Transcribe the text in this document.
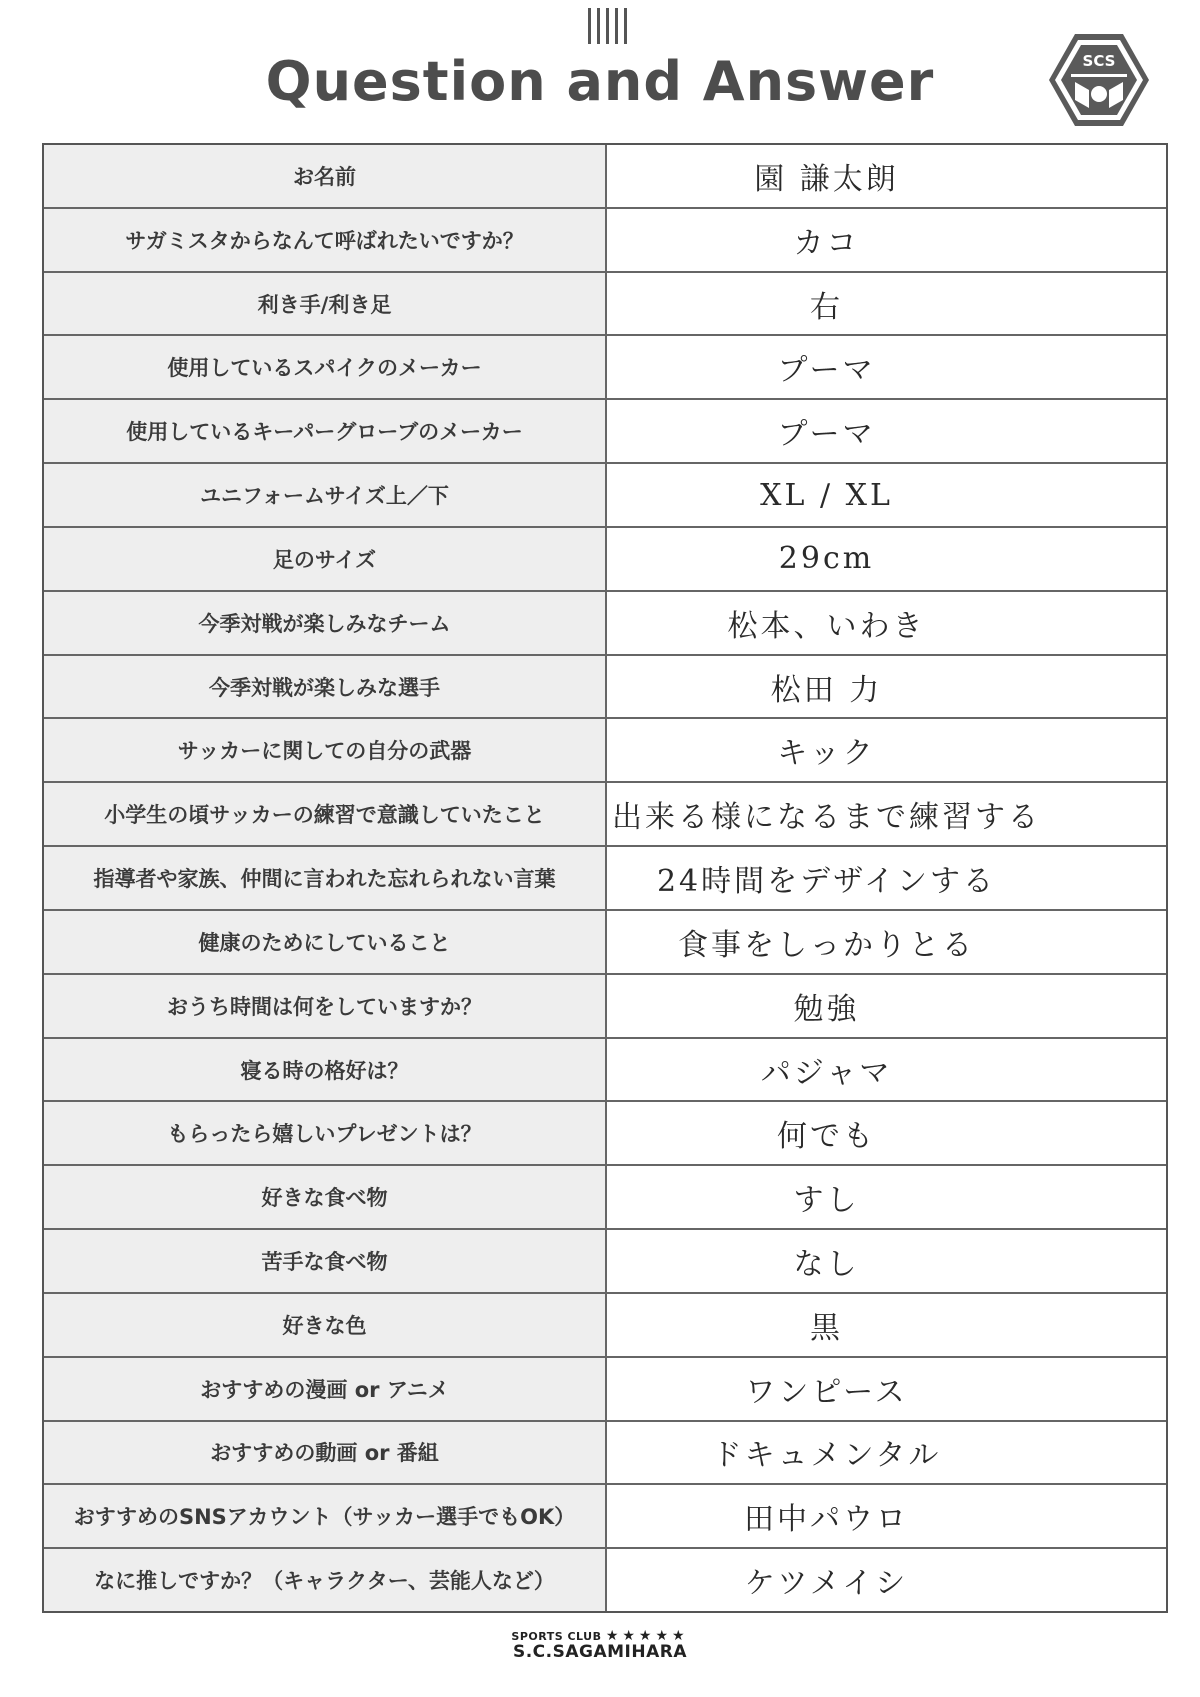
Question and Answer	SCS
お名前	園 謙太朗
サガミスタからなんて呼ばれたいですか？	カコ
利き手/利き足	右
使用しているスパイクのメーカー	プーマ
使用しているキーパーグローブのメーカー	プーマ
ユニフォームサイズ上／下	XL / XL
足のサイズ	29cm
今季対戦が楽しみなチーム	松本、いわき
今季対戦が楽しみな選手	松田 力
サッカーに関しての自分の武器	キック
小学生の頃サッカーの練習で意識していたこと	出来る様になるまで練習する
指導者や家族、仲間に言われた忘れられない言葉	24時間をデザインする
健康のためにしていること	食事をしっかりとる
おうち時間は何をしていますか？	勉強
寝る時の格好は？	パジャマ
もらったら嬉しいプレゼントは？	何でも
好きな食べ物	すし
苦手な食べ物	なし
好きな色	黒
おすすめの漫画 or アニメ	ワンピース
おすすめの動画 or 番組	ドキュメンタル
おすすめのSNSアカウント（サッカー選手でもOK）	田中パウロ
なに推しですか？（キャラクター、芸能人など）	ケツメイシ
SPORTS CLUB ★★★★★
S.C.SAGAMIHARA
